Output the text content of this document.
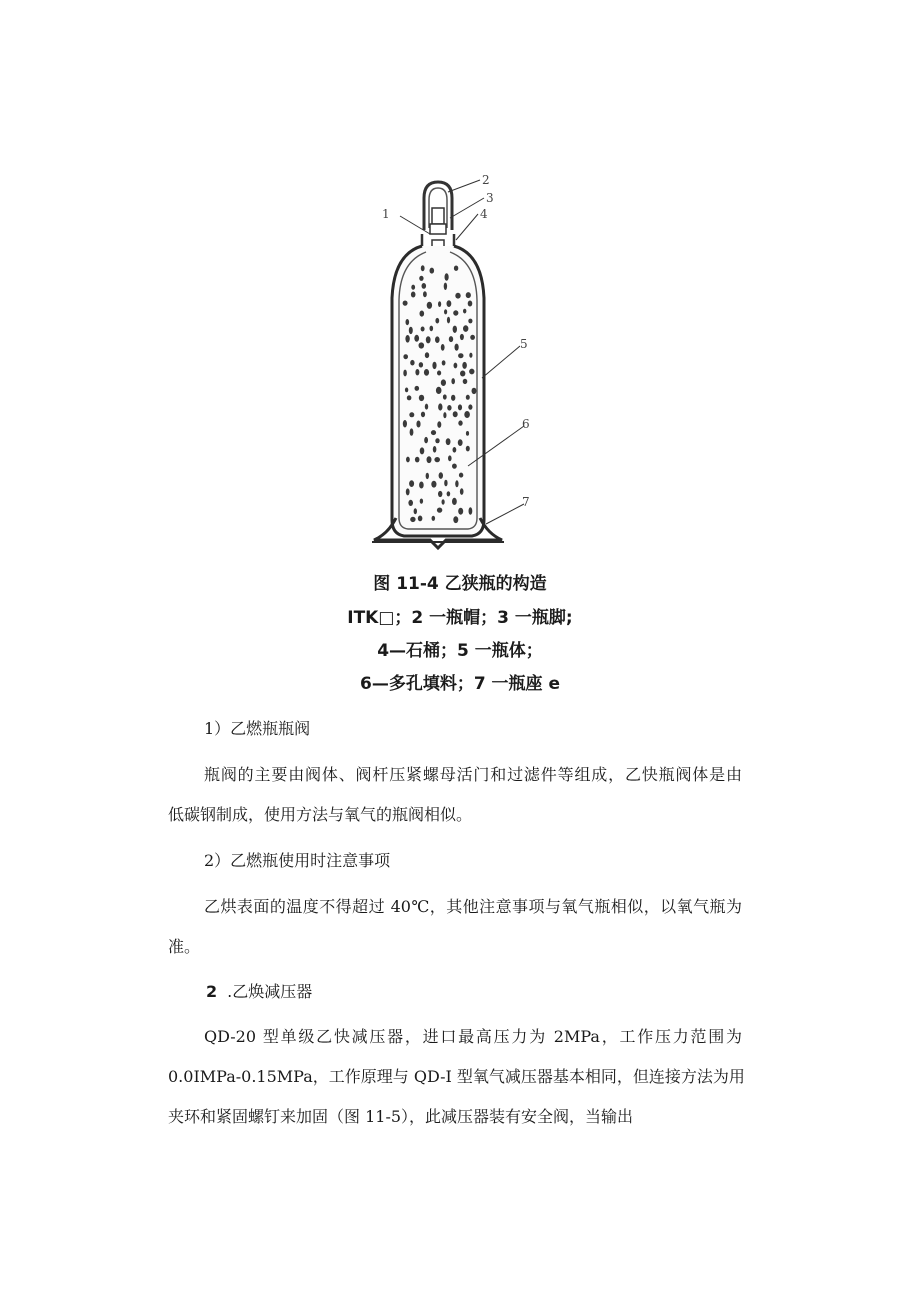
1
2
3
4
5
6
7
图 11-4 乙狭瓶的构造
ITK□；2 一瓶帽；3 一瓶脚;
4—石桶；5 一瓶体；
6—多孔填料；7 一瓶座 e
1）乙燃瓶瓶阀
瓶阀的主要由阀体、阀杆压紧螺母活门和过滤件等组成，乙快瓶阀体是由
低碳钢制成，使用方法与氧气的瓶阀相似。
2）乙燃瓶使用时注意事项
乙烘表面的温度不得超过 40℃，其他注意事项与氧气瓶相似，以氧气瓶为
准。
2 .乙焕减压器
QD-20 型单级乙快减压器，进口最高压力为 2MPa，工作压力范围为
0.0IMPa-0.15MPa，工作原理与 QD-I 型氧气减压器基本相同，但连接方法为用
夹环和紧固螺钉来加固（图 11-5），此减压器装有安全阀，当输出
